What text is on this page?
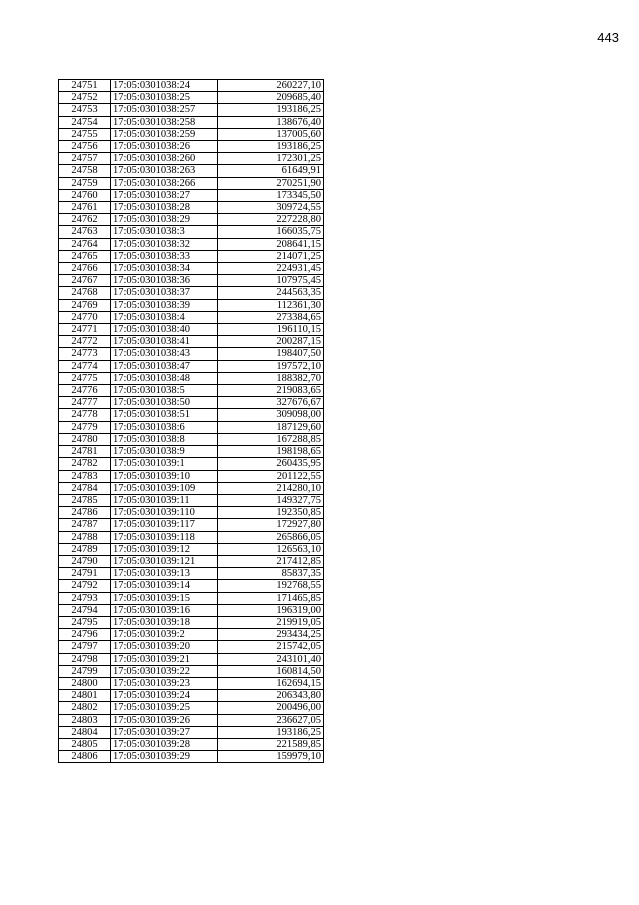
443
24751	17:05:0301038:24	260227,10
24752	17:05:0301038:25	209685,40
24753	17:05:0301038:257	193186,25
24754	17:05:0301038:258	138676,40
24755	17:05:0301038:259	137005,60
24756	17:05:0301038:26	193186,25
24757	17:05:0301038:260	172301,25
24758	17:05:0301038:263	61649,91
24759	17:05:0301038:266	270251,90
24760	17:05:0301038:27	173345,50
24761	17:05:0301038:28	309724,55
24762	17:05:0301038:29	227228,80
24763	17:05:0301038:3	166035,75
24764	17:05:0301038:32	208641,15
24765	17:05:0301038:33	214071,25
24766	17:05:0301038:34	224931,45
24767	17:05:0301038:36	107975,45
24768	17:05:0301038:37	244563,35
24769	17:05:0301038:39	112361,30
24770	17:05:0301038:4	273384,65
24771	17:05:0301038:40	196110,15
24772	17:05:0301038:41	200287,15
24773	17:05:0301038:43	198407,50
24774	17:05:0301038:47	197572,10
24775	17:05:0301038:48	188382,70
24776	17:05:0301038:5	219083,65
24777	17:05:0301038:50	327676,67
24778	17:05:0301038:51	309098,00
24779	17:05:0301038:6	187129,60
24780	17:05:0301038:8	167288,85
24781	17:05:0301038:9	198198,65
24782	17:05:0301039:1	260435,95
24783	17:05:0301039:10	201122,55
24784	17:05:0301039:109	214280,10
24785	17:05:0301039:11	149327,75
24786	17:05:0301039:110	192350,85
24787	17:05:0301039:117	172927,80
24788	17:05:0301039:118	265866,05
24789	17:05:0301039:12	126563,10
24790	17:05:0301039:121	217412,85
24791	17:05:0301039:13	85837,35
24792	17:05:0301039:14	192768,55
24793	17:05:0301039:15	171465,85
24794	17:05:0301039:16	196319,00
24795	17:05:0301039:18	219919,05
24796	17:05:0301039:2	293434,25
24797	17:05:0301039:20	215742,05
24798	17:05:0301039:21	243101,40
24799	17:05:0301039:22	160814,50
24800	17:05:0301039:23	162694,15
24801	17:05:0301039:24	206343,80
24802	17:05:0301039:25	200496,00
24803	17:05:0301039:26	236627,05
24804	17:05:0301039:27	193186,25
24805	17:05:0301039:28	221589,85
24806	17:05:0301039:29	159979,10
